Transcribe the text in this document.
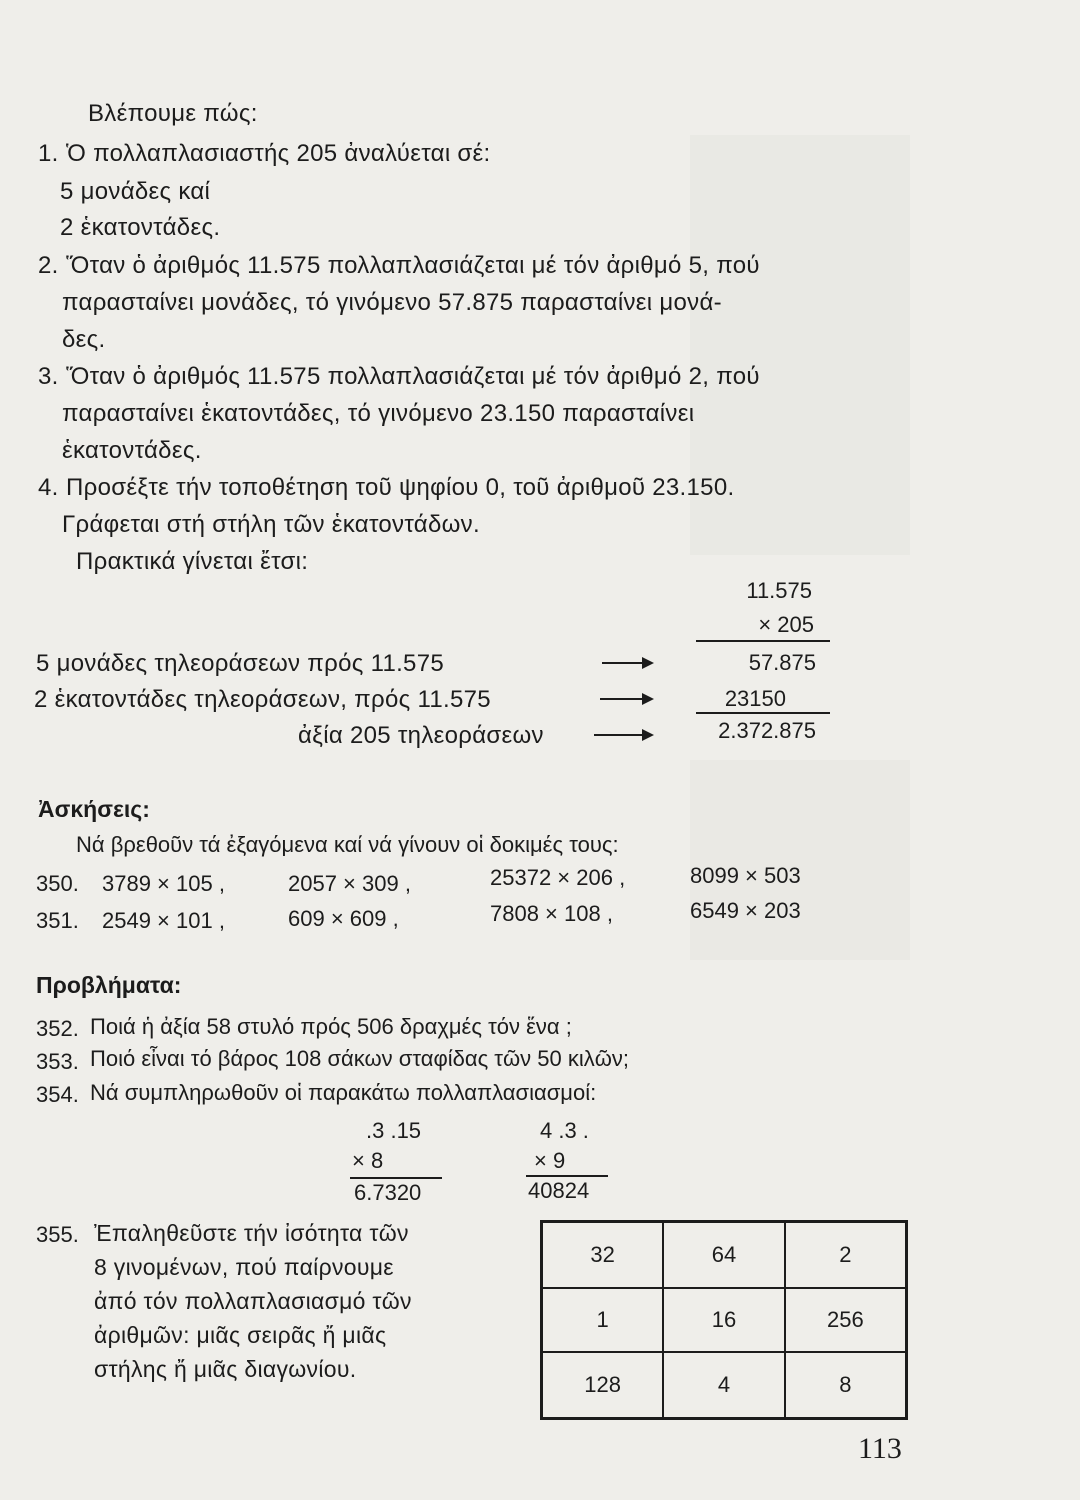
Βλέπουμε πώς:
1. Ὁ πολλαπλασιαστής 205 ἀναλύεται σέ:
5 μονάδες καί
2 ἑκατοντάδες.
2. Ὅταν ὁ ἀριθμός 11.575 πολλαπλασιάζεται μέ τόν ἀριθμό 5, πού
παρασταίνει μονάδες, τό γινόμενο 57.875 παρασταίνει μονά-
δες.
3. Ὅταν ὁ ἀριθμός 11.575 πολλαπλασιάζεται μέ τόν ἀριθμό 2, πού
παρασταίνει ἑκατοντάδες, τό γινόμενο 23.150 παρασταίνει
ἑκατοντάδες.
4. Προσέξτε τήν τοποθέτηση τοῦ ψηφίου 0, τοῦ ἀριθμοῦ 23.150.
Γράφεται στή στήλη τῶν ἑκατοντάδων.
Πρακτικά γίνεται ἔτσι:
11.575
× 205
5 μονάδες τηλεοράσεων πρός 11.575	57.875
2 ἑκατοντάδες τηλεοράσεων, πρός 11.575	23150
ἀξία 205 τηλεοράσεων	2.372.875
Ἀσκήσεις:
Νά βρεθοῦν τά ἐξαγόμενα καί νά γίνουν οἱ δοκιμές τους:
350. 3789 × 105 ,	2057 × 309 ,	25372 × 206 ,	8099 × 503
351. 2549 × 101 ,	609 × 609 ,	7808 × 108 ,	6549 × 203
Προβλήματα:
352. Ποιά ἡ ἀξία 58 στυλό πρός 506 δραχμές τόν ἕνα ;
353. Ποιό εἶναι τό βάρος 108 σάκων σταφίδας τῶν 50 κιλῶν;
354. Νά συμπληρωθοῦν οἱ παρακάτω πολλαπλασιασμοί:
.3 .15
× 8
6.7320
4 .3 .
× 9
40824
355. Ἐπαληθεῦστε τήν ἰσότητα τῶν
8 γινομένων, πού παίρνουμε
ἀπό τόν πολλαπλασιασμό τῶν
ἀριθμῶν: μιᾶς σειρᾶς ἤ μιᾶς
στήλης ἤ μιᾶς διαγωνίου.
32	64	2
1	16	256
128	4	8
113
